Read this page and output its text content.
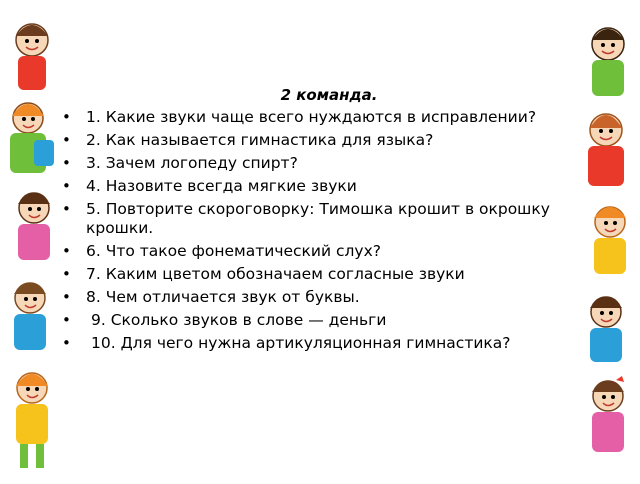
2 команда.
• 1. Какие звуки чаще всего нуждаются в исправлении?
• 2. Как называется гимнастика для языка?
• 3. Зачем логопеду спирт?
• 4. Назовите всегда мягкие звуки
• 5. Повторите скороговорку: Тимошка крошит в окрошку крошки.
• 6. Что такое фонематический слух?
• 7. Каким цветом обозначаем согласные звуки
• 8. Чем отличается звук от буквы.
• 9. Сколько звуков в слове — деньги
• 10. Для чего нужна артикуляционная гимнастика?
